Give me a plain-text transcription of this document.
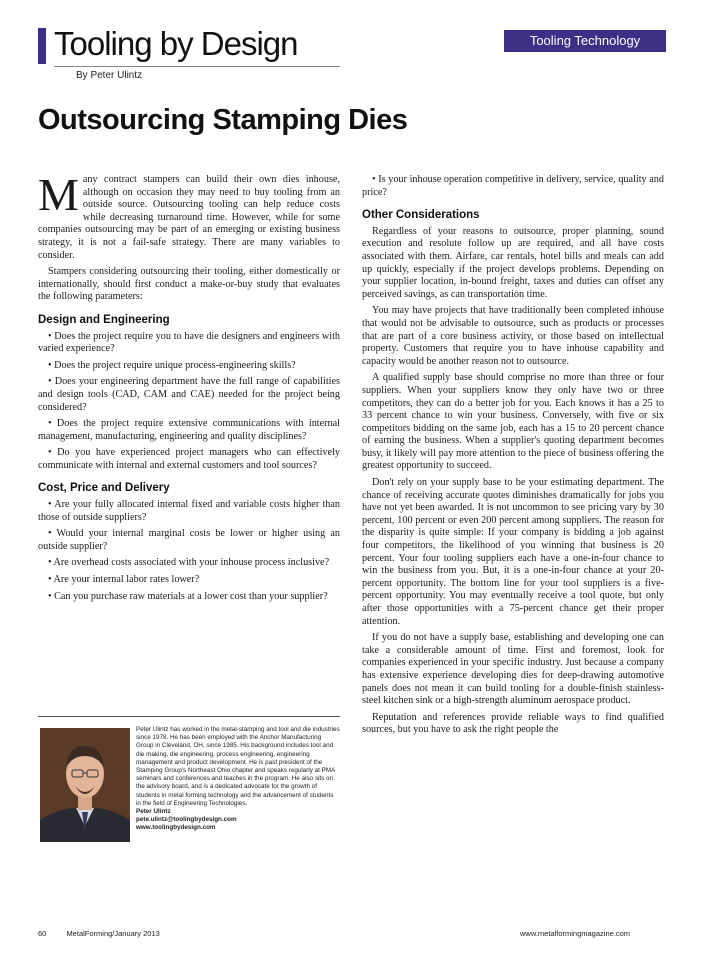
Tooling by Design
By Peter Ulintz
Tooling Technology
Outsourcing Stamping Dies

Many contract stampers can build their own dies inhouse, although on occasion they may need to buy tooling from an outside source. Outsourcing tooling can help reduce costs while decreasing turnaround time. However, while for some companies outsourcing may be part of an emerging or existing business strategy, it is not a fail-safe strategy. There are many variables to consider.

Stampers considering outsourcing their tooling, either domestically or internationally, should first conduct a make-or-buy study that evaluates the following parameters:

Design and Engineering

• Does the project require you to have die designers and engineers with varied experience?

• Does the project require unique process-engineering skills?

• Does your engineering department have the full range of capabilities and design tools (CAD, CAM and CAE) needed for the project being considered?

• Does the project require extensive communications with internal management, manufacturing, engineering and quality disciplines?

• Do you have experienced project managers who can effectively communicate with internal and external customers and tool sources?

Cost, Price and Delivery

• Are your fully allocated internal fixed and variable costs higher than those of outside suppliers?

• Would your internal marginal costs be lower or higher using an outside supplier?

• Are overhead costs associated with your inhouse process inclusive?

• Are your internal labor rates lower?

• Can you purchase raw materials at a lower cost than your supplier?

• Is your inhouse operation competitive in delivery, service, quality and price?

Other Considerations

Regardless of your reasons to outsource, proper planning, sound execution and resolute follow up are required, and all have costs associated with them. Airfare, car rentals, hotel bills and meals can add up quickly, especially if the project develops problems. Depending on your supplier location, in-bound freight, taxes and duties can offset any perceived savings, as can transportation time.

You may have projects that have traditionally been completed inhouse that would not be advisable to outsource, such as products or processes that are part of a core business activity, or those based on intellectual property. Customers that require you to have inhouse capability and capacity would be another reason not to outsource.

A qualified supply base should comprise no more than three or four suppliers. When your suppliers know they only have two or three competitors, they can do a better job for you. Each knows it has a 25 to 33 percent chance to win your business. Conversely, with five or six competitors bidding on the same job, each has a 15 to 20 percent chance of earning the business. When a supplier's quoting department becomes busy, it likely will pay more attention to the piece of business offering the greatest opportunity to succeed.

Don't rely on your supply base to be your estimating department. The chance of receiving accurate quotes diminishes dramatically for jobs you have not yet been awarded. It is not uncommon to see pricing vary by 30 percent, 100 percent or even 200 percent among suppliers. The reason for the disparity is quite simple: If your company is bidding a job against four competitors, the likelihood of you winning that business is 20 percent. Your four tooling suppliers each have a one-in-four chance to win the business from you. But, it is a one-in-four chance at your 20-percent opportunity. The bottom line for your tool suppliers is a five-percent opportunity. You may eventually receive a tool quote, but only after those opportunities with a 75-percent chance get their proper attention.

If you do not have a supply base, establishing and developing one can take a considerable amount of time. First and foremost, look for companies experienced in your specific industry. Just because a company has extensive experience developing dies for deep-drawing automotive panels does not mean it can build tooling for a double-finish stainless-steel kitchen sink or a high-strength aluminum aerospace product.

Reputation and references provide reliable ways to find qualified sources, but you have to ask the right people the

Peter Ulintz has worked in the metal-stamping and tool and die industries since 1978. He has been employed with the Anchor Manufacturing Group in Cleveland, OH, since 1985. His background includes tool and die making, die engineering, process engineering, engineering management and product development. He is past president of the Stamping Group's Northeast Ohio chapter and speaks regularly at PMA seminars and conferences and teaches in the program. He also sits on the advisory board, and is a dedicated advocate for the growth of students in metal forming technology and the advancement of students in the field of Engineering Technologies.
Peter Ulintz
pete.ulintz@toolingbydesign.com
www.toolingbydesign.com
60	MetalForming/January 2013	www.metalformingmagazine.com
